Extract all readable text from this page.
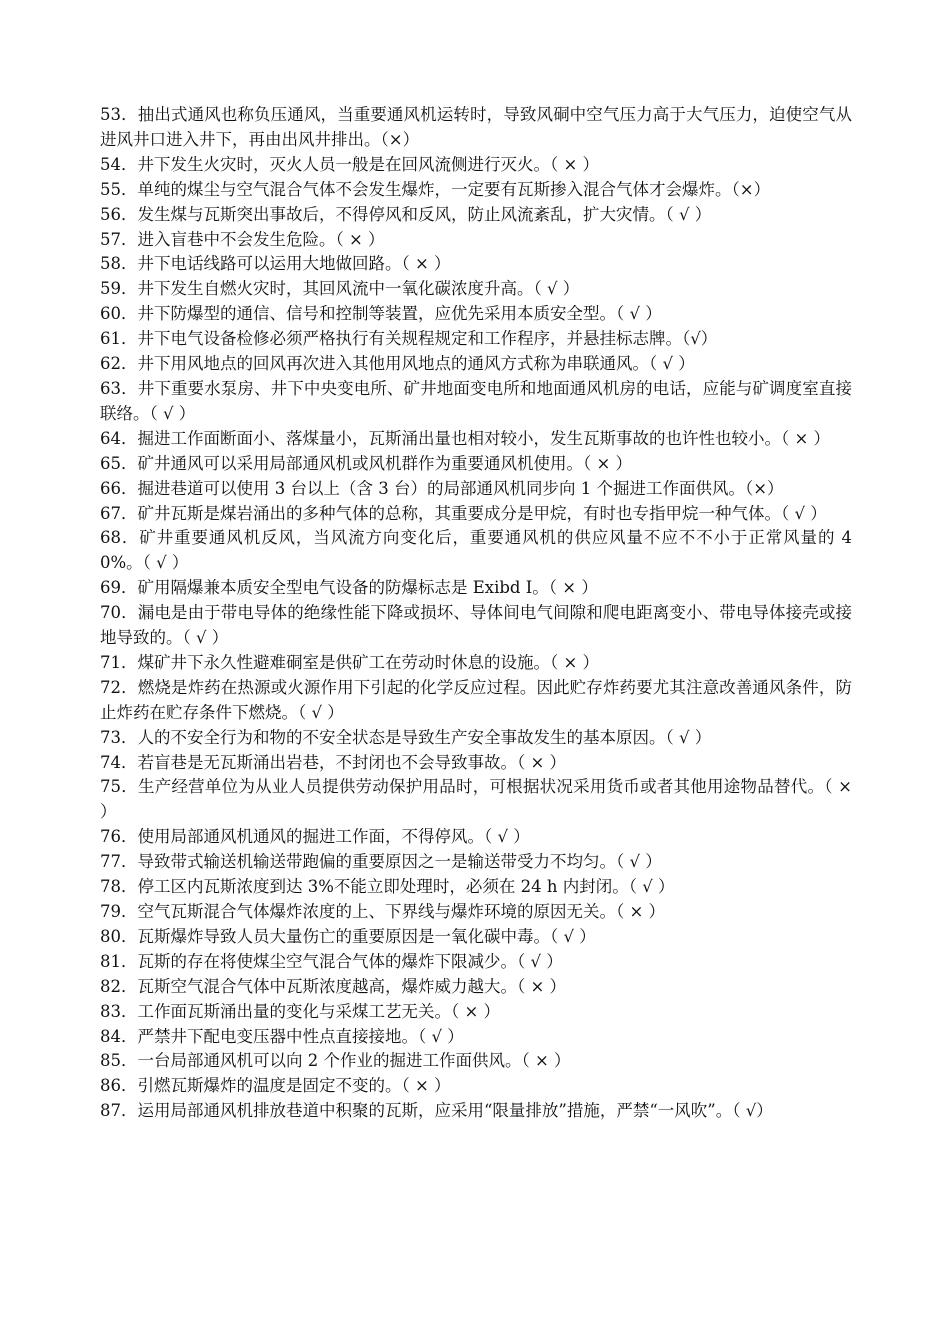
53．抽出式通风也称负压通风，当重要通风机运转时，导致风硐中空气压力高于大气压力，迫使空气从进风井口进入井下，再由出风井排出。（×）

54．井下发生火灾时，灭火人员一般是在回风流侧进行灭火。（ × ）

55．单纯的煤尘与空气混合气体不会发生爆炸，一定要有瓦斯掺入混合气体才会爆炸。（×）

56．发生煤与瓦斯突出事故后，不得停风和反风，防止风流紊乱，扩大灾情。（ √ ）

57．进入盲巷中不会发生危险。（ × ）

58．井下电话线路可以运用大地做回路。（ × ）

59．井下发生自燃火灾时，其回风流中一氧化碳浓度升高。（ √ ）

60．井下防爆型的通信、信号和控制等装置，应优先采用本质安全型。（ √ ）

61．井下电气设备检修必须严格执行有关规程规定和工作程序，并悬挂标志牌。（√）

62．井下用风地点的回风再次进入其他用风地点的通风方式称为串联通风。（ √ ）

63．井下重要水泵房、井下中央变电所、矿井地面变电所和地面通风机房的电话，应能与矿调度室直接联络。（ √ ）

64．掘进工作面断面小、落煤量小，瓦斯涌出量也相对较小，发生瓦斯事故的也许性也较小。（ × ）

65．矿井通风可以采用局部通风机或风机群作为重要通风机使用。（ × ）

66．掘进巷道可以使用 3 台以上（含 3 台）的局部通风机同步向 1 个掘进工作面供风。（×）

67．矿井瓦斯是煤岩涌出的多种气体的总称，其重要成分是甲烷，有时也专指甲烷一种气体。（ √ ）

68．矿井重要通风机反风，当风流方向变化后，重要通风机的供应风量不应不不小于正常风量的 40%。（ √ ）

69．矿用隔爆兼本质安全型电气设备的防爆标志是 Exibd Ⅰ。（ × ）

70．漏电是由于带电导体的绝缘性能下降或损坏、导体间电气间隙和爬电距离变小、带电导体接壳或接地导致的。（ √ ）

71．煤矿井下永久性避难硐室是供矿工在劳动时休息的设施。（ × ）

72．燃烧是炸药在热源或火源作用下引起的化学反应过程。因此贮存炸药要尤其注意改善通风条件，防止炸药在贮存条件下燃烧。（ √ ）

73．人的不安全行为和物的不安全状态是导致生产安全事故发生的基本原因。（ √ ）

74．若盲巷是无瓦斯涌出岩巷，不封闭也不会导致事故。（ × ）

75．生产经营单位为从业人员提供劳动保护用品时，可根据状况采用货币或者其他用途物品替代。（ × ）

76．使用局部通风机通风的掘进工作面，不得停风。（ √ ）

77．导致带式输送机输送带跑偏的重要原因之一是输送带受力不均匀。（ √ ）

78．停工区内瓦斯浓度到达 3%不能立即处理时，必须在 24 h 内封闭。（ √ ）

79．空气瓦斯混合气体爆炸浓度的上、下界线与爆炸环境的原因无关。（ × ）

80．瓦斯爆炸导致人员大量伤亡的重要原因是一氧化碳中毒。（ √ ）

81．瓦斯的存在将使煤尘空气混合气体的爆炸下限减少。（ √ ）

82．瓦斯空气混合气体中瓦斯浓度越高，爆炸威力越大。（ × ）

83．工作面瓦斯涌出量的变化与采煤工艺无关。（ × ）

84．严禁井下配电变压器中性点直接接地。（ √ ）

85．一台局部通风机可以向 2 个作业的掘进工作面供风。（ × ）

86．引燃瓦斯爆炸的温度是固定不变的。（ × ）

87．运用局部通风机排放巷道中积聚的瓦斯，应采用“限量排放”措施，严禁“一风吹”。（ √）
